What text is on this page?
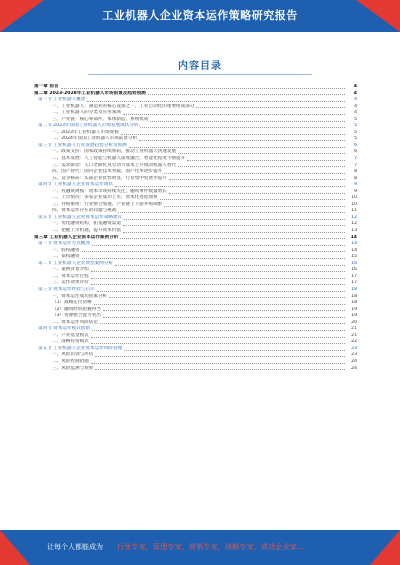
工业机器人企业资本运作策略研究报告
内容目录
第一章 前言	4
第二章 2023-2028年工业机器人市场前景及趋势预测	4
第一节 工业机器人概述	4
一、工业机器人：制造业的核心设备之一，工业自动化的重要组成部分	4
二、工业机器人的分类及应用领域	4
三、产业链：核心零部件、本体制造、系统集成	5
第二节 2023年我国工业机器人市场发展现状分析	5
一、2023年工业机器人市场规模	5
二、2024年我国工业机器人市场前景分析	5
第三节 工业机器人行业发展趋势分析及预测	6
一、政策支持：国家政策持续加码，推动工业机器人快速发展	6
二、技术发展：人工智能与机器人深度融合，智能化程度不断提升	7
三、需求驱动：人口老龄化及劳动力成本上升推动机器人替代	7
四、国产替代：国内企业技术突破，国产化率逐步提升	8
五、竞争格局：头部企业优势明显，行业集中度逐步提升	8
第四节 工业机器人企业资本运作现状	9
一、投融资规模：资本市场持续关注，融资事件数量增长	9
二、上市情况：多家企业成功上市，资本化进程加快	10
三、并购重组：行业整合加速，产业链上下游并购频繁	10
四、资本运作存在的问题与挑战	11
第五节 工业机器人企业资本运作策略建议	12
一、优化融资结构，拓宽融资渠道	12
二、把握上市机遇，提升资本价值	13
第三章 工业机器人企业资本运作案例分析	14
第一节 资本运作方式概述	14
一、股权融资	14
二、债权融资	15
第二节 工业机器人企业典型案例分析	16
一、案例背景介绍	16
二、资本运作过程	17
三、运作效果评价	17
第三节 资本运作经验与启示	18
一、资本运作成功因素分析	18
（1）战略定位清晰	18
（2）融资时机把握得当	19
（3）资源整合能力突出	19
二、资本运作风险防范	20
第四节 资本运作模式创新	21
一、产业基金模式	21
二、战略投资模式	22
第五节 工业机器人企业资本运作风险管理	23
一、风险识别与评估	23
二、风险控制措施	24
三、风险监测与预警	24
让每个人都能成为 行业专家，管理专家，营销专家，战略专家，成功企业家…
